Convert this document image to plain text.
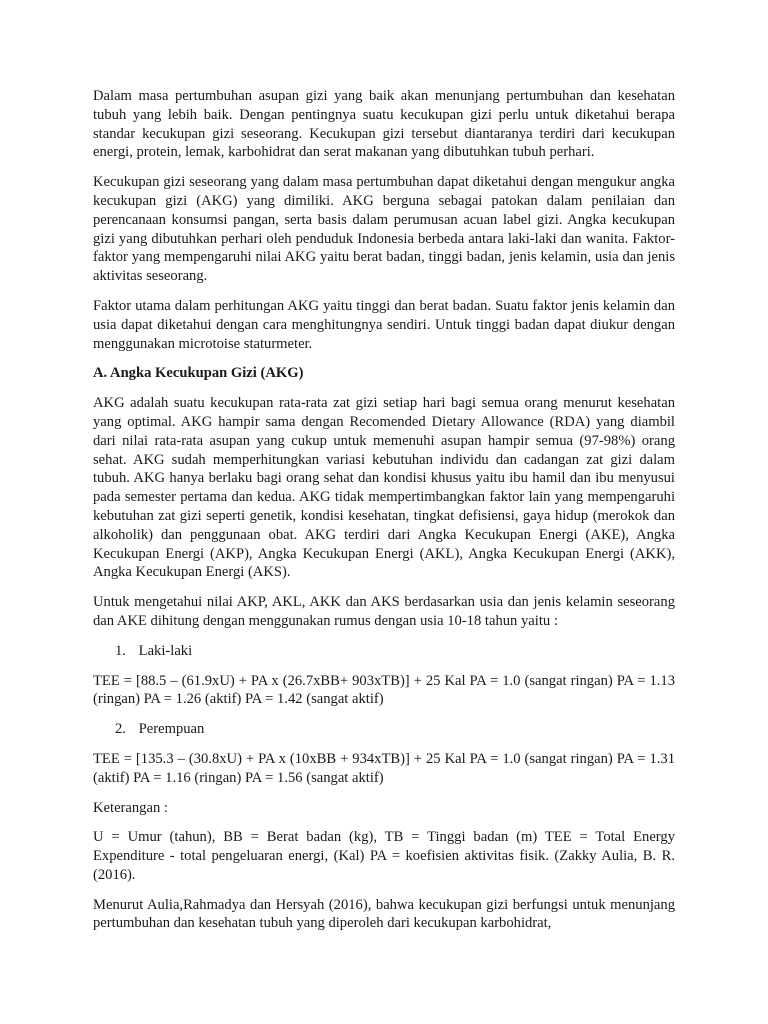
Dalam masa pertumbuhan asupan gizi yang baik akan menunjang pertumbuhan dan kesehatan tubuh yang lebih baik. Dengan pentingnya suatu kecukupan gizi perlu untuk diketahui berapa standar kecukupan gizi seseorang. Kecukupan gizi tersebut diantaranya terdiri dari kecukupan energi, protein, lemak, karbohidrat dan serat makanan yang dibutuhkan tubuh perhari.

Kecukupan gizi seseorang yang dalam masa pertumbuhan dapat diketahui dengan mengukur angka kecukupan gizi (AKG) yang dimiliki. AKG berguna sebagai patokan dalam penilaian dan perencanaan konsumsi pangan, serta basis dalam perumusan acuan label gizi. Angka kecukupan gizi yang dibutuhkan perhari oleh penduduk Indonesia berbeda antara laki-laki dan wanita. Faktor-faktor yang mempengaruhi nilai AKG yaitu berat badan, tinggi badan, jenis kelamin, usia dan jenis aktivitas seseorang.

Faktor utama dalam perhitungan AKG yaitu tinggi dan berat badan. Suatu faktor jenis kelamin dan usia dapat diketahui dengan cara menghitungnya sendiri. Untuk tinggi badan dapat diukur dengan menggunakan microtoise staturmeter.

A. Angka Kecukupan Gizi (AKG)

AKG adalah suatu kecukupan rata-rata zat gizi setiap hari bagi semua orang menurut kesehatan yang optimal. AKG hampir sama dengan Recomended Dietary Allowance (RDA) yang diambil dari nilai rata-rata asupan yang cukup untuk memenuhi asupan hampir semua (97-98%) orang sehat. AKG sudah memperhitungkan variasi kebutuhan individu dan cadangan zat gizi dalam tubuh. AKG hanya berlaku bagi orang sehat dan kondisi khusus yaitu ibu hamil dan ibu menyusui pada semester pertama dan kedua. AKG tidak mempertimbangkan faktor lain yang mempengaruhi kebutuhan zat gizi seperti genetik, kondisi kesehatan, tingkat defisiensi, gaya hidup (merokok dan alkoholik) dan penggunaan obat. AKG terdiri dari Angka Kecukupan Energi (AKE), Angka Kecukupan Energi (AKP), Angka Kecukupan Energi (AKL), Angka Kecukupan Energi (AKK), Angka Kecukupan Energi (AKS).

Untuk mengetahui nilai AKP, AKL, AKK dan AKS berdasarkan usia dan jenis kelamin seseorang dan AKE dihitung dengan menggunakan rumus dengan usia 10-18 tahun yaitu :

1. Laki-laki

TEE = [88.5 – (61.9xU) + PA x (26.7xBB+ 903xTB)] + 25 Kal PA = 1.0 (sangat ringan) PA = 1.13 (ringan) PA = 1.26 (aktif) PA = 1.42 (sangat aktif)

2. Perempuan

TEE = [135.3 – (30.8xU) + PA x (10xBB + 934xTB)] + 25 Kal PA = 1.0 (sangat ringan) PA = 1.31 (aktif) PA = 1.16 (ringan) PA = 1.56 (sangat aktif)

Keterangan :

U = Umur (tahun), BB = Berat badan (kg), TB = Tinggi badan (m) TEE = Total Energy Expenditure - total pengeluaran energi, (Kal) PA = koefisien aktivitas fisik. (Zakky Aulia, B. R. (2016).

Menurut Aulia,Rahmadya dan Hersyah (2016), bahwa kecukupan gizi berfungsi untuk menunjang pertumbuhan dan kesehatan tubuh yang diperoleh dari kecukupan karbohidrat,
